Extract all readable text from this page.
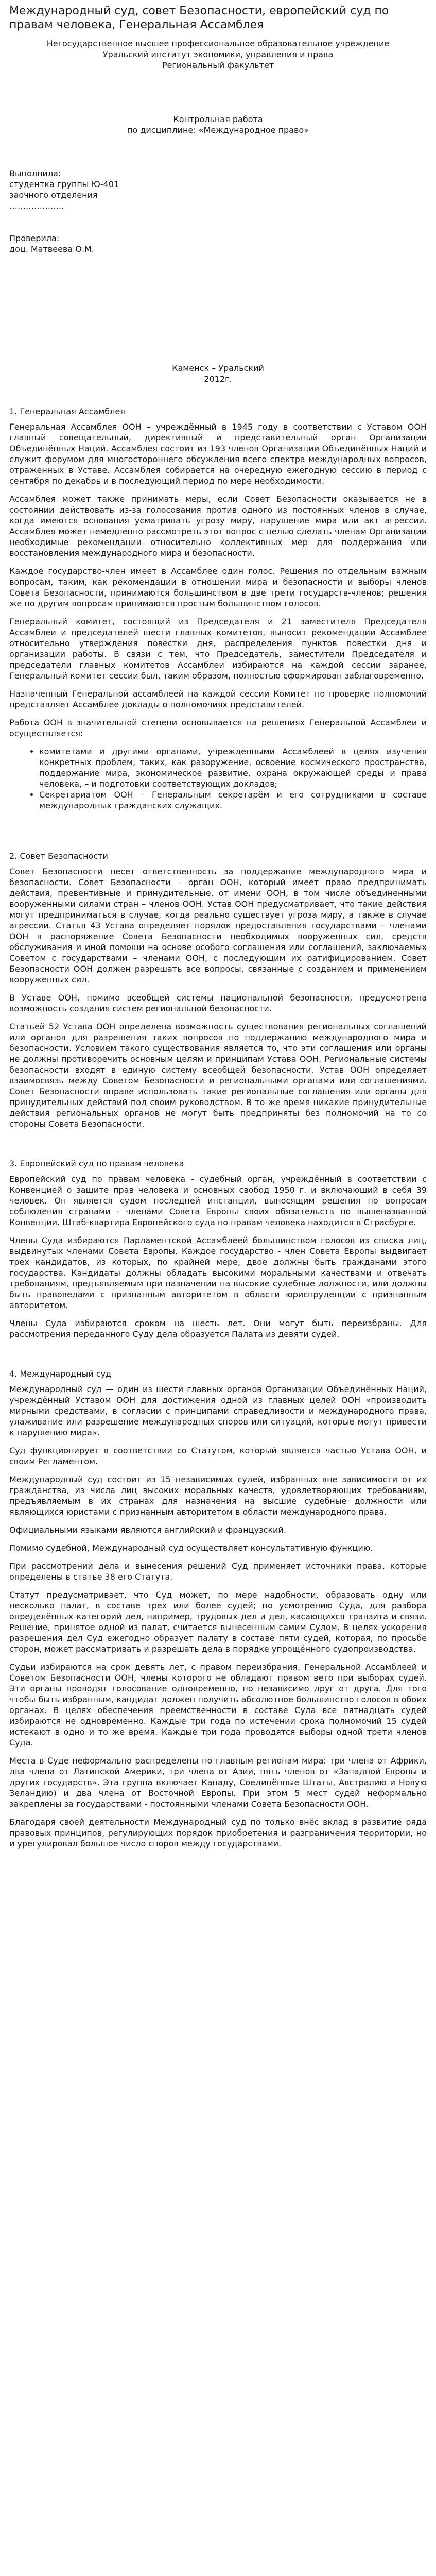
Международный суд, совет Безопасности, европейский суд по правам человека, Генеральная Ассамблея

Негосударственное высшее профессиональное образовательное учреждение

Уральский институт экономики, управления и права

Региональный факультет

Контрольная работа

по дисциплине: «Международное право»

Выполнила:

студентка группы Ю-401

заочного отделения

………………..

Проверила:

доц. Матвеева О.М.

Каменск – Уральский

2012г.

1. Генеральная Ассамблея

Генеральная Ассамблея ООН – учреждённый в 1945 году в соответствии с Уставом ООН главный совещательный, директивный и представительный орган Организации Объединённых Наций. Ассамблея состоит из 193 членов Организации Объединённых Наций и служит форумом для многостороннего обсуждения всего спектра международных вопросов, отраженных в Уставе. Ассамблея собирается на очередную ежегодную сессию в период с сентября по декабрь и в последующий период по мере необходимости.

Ассамблея может также принимать меры, если Совет Безопасности оказывается не в состоянии действовать из-за голосования против одного из постоянных членов в случае, когда имеются основания усматривать угрозу миру, нарушение мира или акт агрессии. Ассамблея может немедленно рассмотреть этот вопрос с целью сделать членам Организации необходимые рекомендации относительно коллективных мер для поддержания или восстановления международного мира и безопасности.

Каждое государство-член имеет в Ассамблее один голос. Решения по отдельным важным вопросам, таким, как рекомендации в отношении мира и безопасности и выборы членов Совета Безопасности, принимаются большинством в две трети государств-членов; решения же по другим вопросам принимаются простым большинством голосов.

Генеральный комитет, состоящий из Председателя и 21 заместителя Председателя Ассамблеи и председателей шести главных комитетов, выносит рекомендации Ассамблее относительно утверждения повестки дня, распределения пунктов повестки дня и организации работы. В связи с тем, что Председатель, заместители Председателя и председатели главных комитетов Ассамблеи избираются на каждой сессии заранее, Генеральный комитет сессии был, таким образом, полностью сформирован заблаговременно.

Назначенный Генеральной ассамблеей на каждой сессии Комитет по проверке полномочий представляет Ассамблее доклады о полномочиях представителей.

Работа ООН в значительной степени основывается на решениях Генеральной Ассамблеи и осуществляется:

• комитетами и другими органами, учрежденными Ассамблеей в целях изучения конкретных проблем, таких, как разоружение, освоение космического пространства, поддержание мира, экономическое развитие, охрана окружающей среды и права человека, – и подготовки соответствующих докладов;
• Секретариатом ООН – Генеральным секретарём и его сотрудниками в составе международных гражданских служащих.

2. Совет Безопасности

Совет Безопасности несет ответственность за поддержание международного мира и безопасности. Совет Безопасности – орган ООН, который имеет право предпринимать действия, превентивные и принудительные, от имени ООН, в том числе объединенными вооруженными силами стран – членов ООН. Устав ООН предусматривает, что такие действия могут предприниматься в случае, когда реально существует угроза миру, а также в случае агрессии. Статья 43 Устава определяет порядок предоставления государствами – членами ООН в распоряжение Совета Безопасности необходимых вооруженных сил, средств обслуживания и иной помощи на основе особого соглашения или соглашений, заключаемых Советом с государствами – членами ООН, с последующим их ратифицированием. Совет Безопасности ООН должен разрешать все вопросы, связанные с созданием и применением вооруженных сил.

В Уставе ООН, помимо всеобщей системы национальной безопасности, предусмотрена возможность создания систем региональной безопасности.

Статьей 52 Устава ООН определена возможность существования региональных соглашений или органов для разрешения таких вопросов по поддержанию международного мира и безопасности. Условием такого существования является то, что эти соглашения или органы не должны противоречить основным целям и принципам Устава ООН. Региональные системы безопасности входят в единую систему всеобщей безопасности. Устав ООН определяет взаимосвязь между Советом Безопасности и региональными органами или соглашениями. Совет Безопасности вправе использовать такие региональные соглашения или органы для принудительных действий под своим руководством. В то же время никакие принудительные действия региональных органов не могут быть предприняты без полномочий на то со стороны Совета Безопасности.

3. Европейский суд по правам человека

Европейский суд по правам человека - судебный орган, учреждённый в соответствии с Конвенцией о защите прав человека и основных свобод 1950 г. и включающий в себя 39 человек. Он является судом последней инстанции, выносящим решения по вопросам соблюдения странами - членами Совета Европы своих обязательств по вышеназванной Конвенции. Штаб-квартира Европейского суда по правам человека находится в Страсбурге.

Члены Суда избираются Парламентской Ассамблеей большинством голосов из списка лиц, выдвинутых членами Совета Европы. Каждое государство - член Совета Европы выдвигает трех кандидатов, из которых, по крайней мере, двое должны быть гражданами этого государства. Кандидаты должны обладать высокими моральными качествами и отвечать требованиям, предъявляемым при назначении на высокие судебные должности, или должны быть правоведами с признанным авторитетом в области юриспруденции с признанным авторитетом.

Члены Суда избираются сроком на шесть лет. Они могут быть переизбраны. Для рассмотрения переданного Суду дела образуется Палата из девяти судей.

4. Международный суд

Международный суд — один из шести главных органов Организации Объединённых Наций, учреждённый Уставом ООН для достижения одной из главных целей ООН «производить мирными средствами, в согласии с принципами справедливости и международного права, улаживание или разрешение международных споров или ситуаций, которые могут привести к нарушению мира».

Суд функционирует в соответствии со Статутом, который является частью Устава ООН, и своим Регламентом.

Международный суд состоит из 15 независимых судей, избранных вне зависимости от их гражданства, из числа лиц высоких моральных качеств, удовлетворяющих требованиям, предъявляемым в их странах для назначения на высшие судебные должности или являющихся юристами с признанным авторитетом в области международного права.

Официальными языками являются английский и французский.

Помимо судебной, Международный суд осуществляет консультативную функцию.

При рассмотрении дела и вынесения решений Суд применяет источники права, которые определены в статье 38 его Статута.

Статут предусматривает, что Суд может, по мере надобности, образовать одну или несколько палат, в составе трех или более судей; по усмотрению Суда, для разбора определённых категорий дел, например, трудовых дел и дел, касающихся транзита и связи. Решение, принятое одной из палат, считается вынесенным самим Судом. В целях ускорения разрешения дел Суд ежегодно образует палату в составе пяти судей, которая, по просьбе сторон, может рассматривать и разрешать дела в порядке упрощённого судопроизводства.

Судьи избираются на срок девять лет, с правом переизбрания. Генеральной Ассамблеей и Советом Безопасности ООН, члены которого не обладают правом вето при выборах судей. Эти органы проводят голосование одновременно, но независимо друг от друга. Для того чтобы быть избранным, кандидат должен получить абсолютное большинство голосов в обоих органах. В целях обеспечения преемственности в составе Суда все пятнадцать судей избираются не одновременно. Каждые три года по истечении срока полномочий 15 судей истекают в одно и то же время. Каждые три года проводятся выборы одной трети членов Суда.

Места в Суде неформально распределены по главным регионам мира: три члена от Африки, два члена от Латинской Америки, три члена от Азии, пять членов от «Западной Европы и других государств». Эта группа включает Канаду, Соединённые Штаты, Австралию и Новую Зеландию) и два члена от Восточной Европы. При этом 5 мест судей неформально закреплены за государствами - постоянными членами Совета Безопасности ООН.

Благодаря своей деятельности Международный суд по только внёс вклад в развитие ряда правовых принципов, регулирующих порядок приобретения и разграничения территории, но и урегулировал большое число споров между государствами.
